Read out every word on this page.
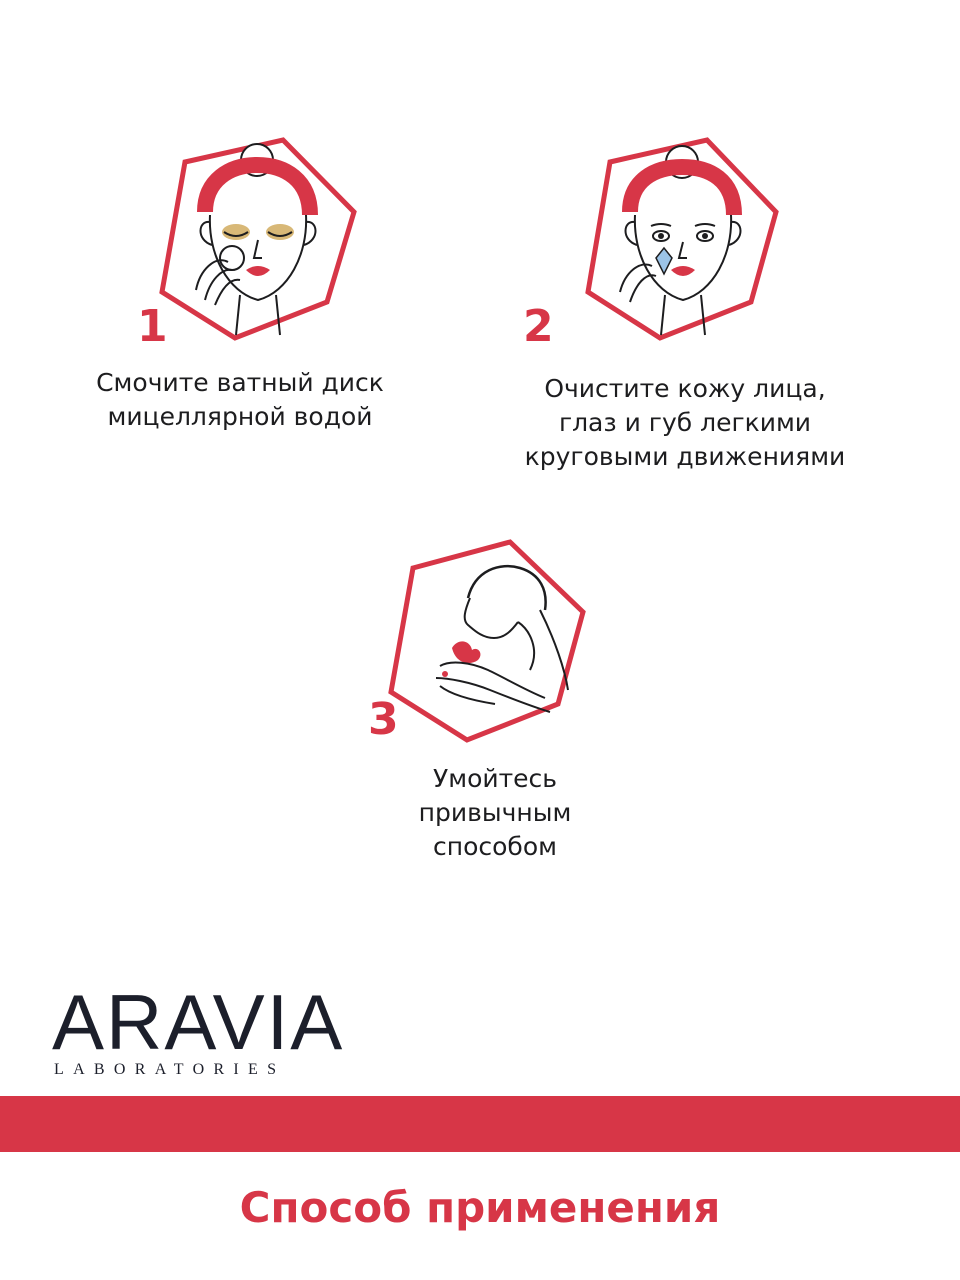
1
Смочите ватный диск
мицеллярной водой
2
Очистите кожу лица,
глаз и губ легкими
круговыми движениями
3
Умойтесь
привычным
способом
ARAVIA
LABORATORIES
Способ применения
